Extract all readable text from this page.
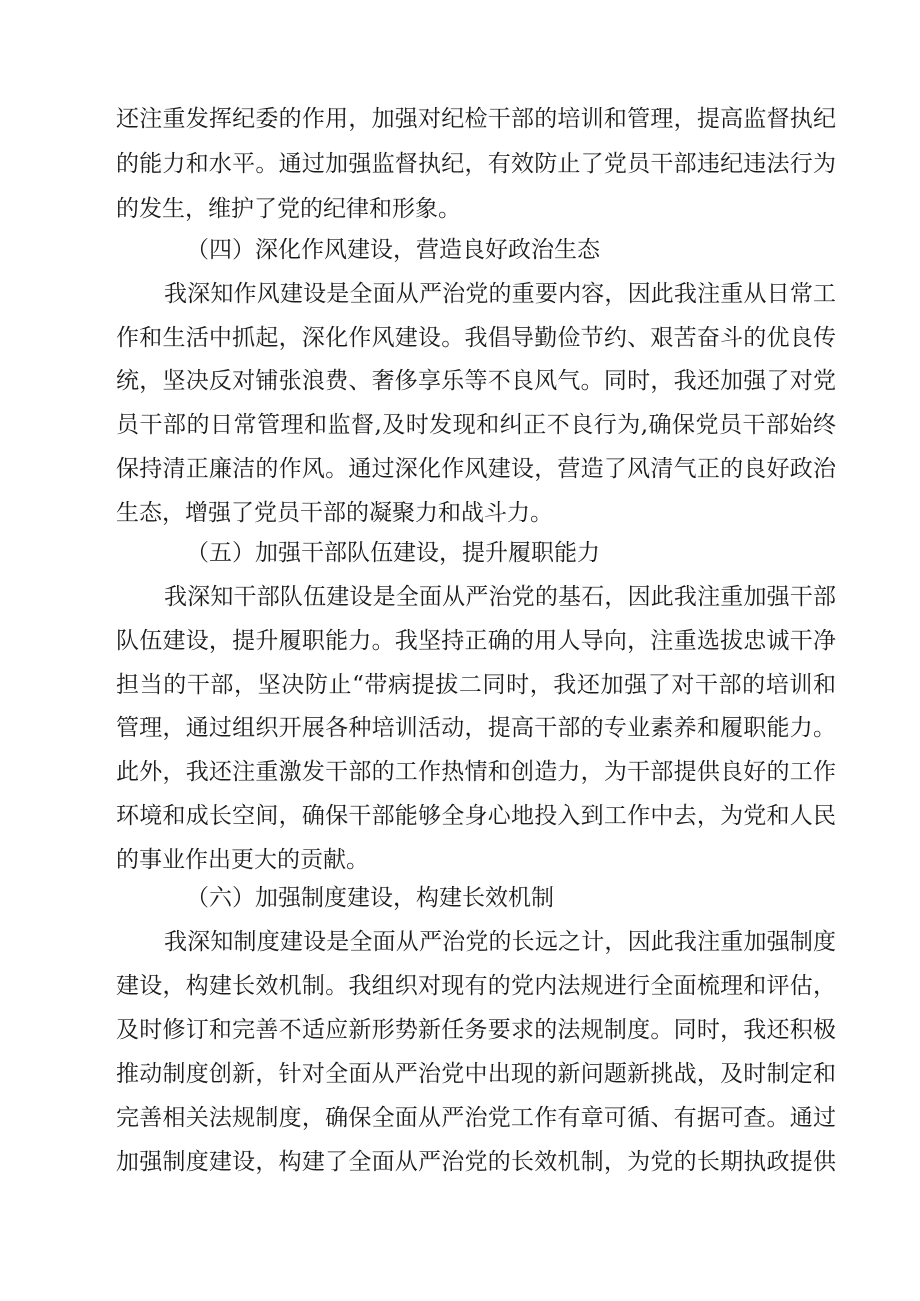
还注重发挥纪委的作用，加强对纪检干部的培训和管理，提高监督执纪
的能力和水平。通过加强监督执纪，有效防止了党员干部违纪违法行为
的发生，维护了党的纪律和形象。
（四）深化作风建设，营造良好政治生态
我深知作风建设是全面从严治党的重要内容，因此我注重从日常工
作和生活中抓起，深化作风建设。我倡导勤俭节约、艰苦奋斗的优良传
统，坚决反对铺张浪费、奢侈享乐等不良风气。同时，我还加强了对党
员干部的日常管理和监督,及时发现和纠正不良行为,确保党员干部始终
保持清正廉洁的作风。通过深化作风建设，营造了风清气正的良好政治
生态，增强了党员干部的凝聚力和战斗力。
（五）加强干部队伍建设，提升履职能力
我深知干部队伍建设是全面从严治党的基石，因此我注重加强干部
队伍建设，提升履职能力。我坚持正确的用人导向，注重选拔忠诚干净
担当的干部，坚决防止“带病提拔二同时，我还加强了对干部的培训和
管理，通过组织开展各种培训活动，提高干部的专业素养和履职能力。
此外，我还注重激发干部的工作热情和创造力，为干部提供良好的工作
环境和成长空间，确保干部能够全身心地投入到工作中去，为党和人民
的事业作出更大的贡献。
（六）加强制度建设，构建长效机制
我深知制度建设是全面从严治党的长远之计，因此我注重加强制度
建设，构建长效机制。我组织对现有的党内法规进行全面梳理和评估，
及时修订和完善不适应新形势新任务要求的法规制度。同时，我还积极
推动制度创新，针对全面从严治党中出现的新问题新挑战，及时制定和
完善相关法规制度，确保全面从严治党工作有章可循、有据可查。通过
加强制度建设，构建了全面从严治党的长效机制，为党的长期执政提供
